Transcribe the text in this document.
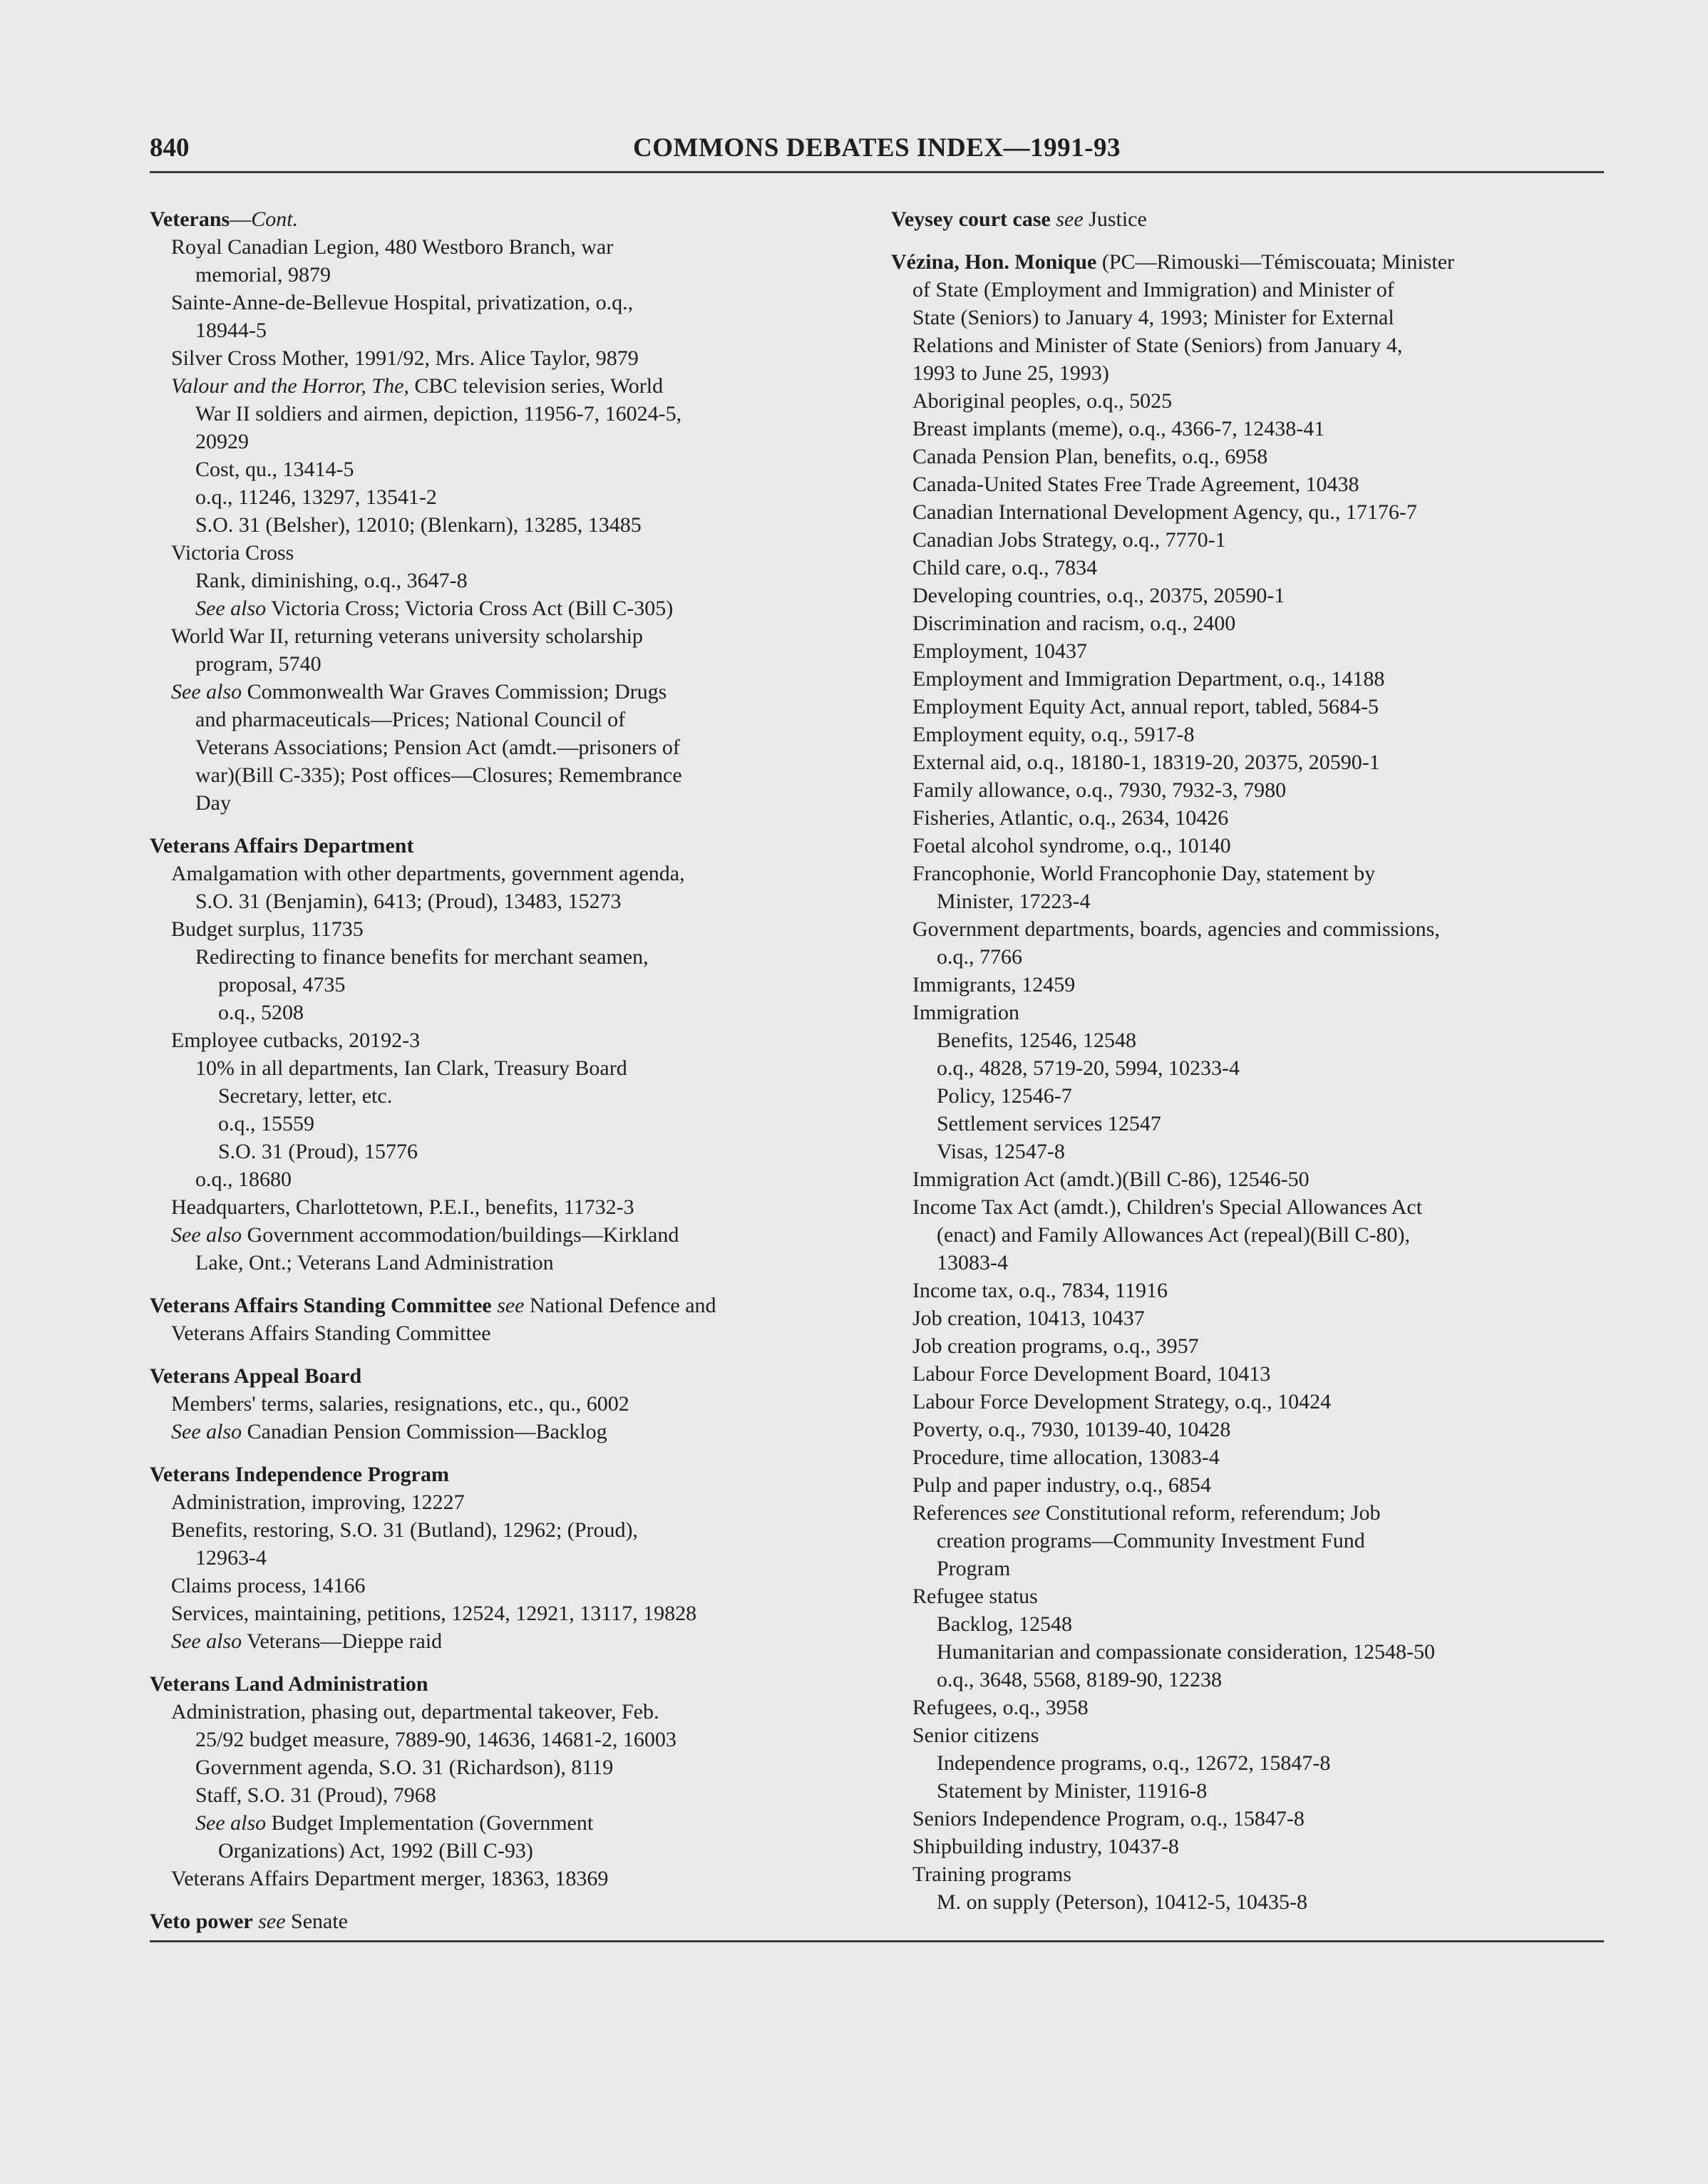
840	COMMONS DEBATES INDEX—1991-93
Veterans—Cont.
Royal Canadian Legion, 480 Westboro Branch, war
memorial, 9879
Sainte-Anne-de-Bellevue Hospital, privatization, o.q.,
18944-5
Silver Cross Mother, 1991/92, Mrs. Alice Taylor, 9879
Valour and the Horror, The, CBC television series, World
War II soldiers and airmen, depiction, 11956-7, 16024-5,
20929
Cost, qu., 13414-5
o.q., 11246, 13297, 13541-2
S.O. 31 (Belsher), 12010; (Blenkarn), 13285, 13485
Victoria Cross
Rank, diminishing, o.q., 3647-8
See also Victoria Cross; Victoria Cross Act (Bill C-305)
World War II, returning veterans university scholarship
program, 5740
See also Commonwealth War Graves Commission; Drugs
and pharmaceuticals—Prices; National Council of
Veterans Associations; Pension Act (amdt.—prisoners of
war)(Bill C-335); Post offices—Closures; Remembrance
Day
Veterans Affairs Department
Amalgamation with other departments, government agenda,
S.O. 31 (Benjamin), 6413; (Proud), 13483, 15273
Budget surplus, 11735
Redirecting to finance benefits for merchant seamen,
proposal, 4735
o.q., 5208
Employee cutbacks, 20192-3
10% in all departments, Ian Clark, Treasury Board
Secretary, letter, etc.
o.q., 15559
S.O. 31 (Proud), 15776
o.q., 18680
Headquarters, Charlottetown, P.E.I., benefits, 11732-3
See also Government accommodation/buildings—Kirkland
Lake, Ont.; Veterans Land Administration
Veterans Affairs Standing Committee see National Defence and
Veterans Affairs Standing Committee
Veterans Appeal Board
Members' terms, salaries, resignations, etc., qu., 6002
See also Canadian Pension Commission—Backlog
Veterans Independence Program
Administration, improving, 12227
Benefits, restoring, S.O. 31 (Butland), 12962; (Proud),
12963-4
Claims process, 14166
Services, maintaining, petitions, 12524, 12921, 13117, 19828
See also Veterans—Dieppe raid
Veterans Land Administration
Administration, phasing out, departmental takeover, Feb.
25/92 budget measure, 7889-90, 14636, 14681-2, 16003
Government agenda, S.O. 31 (Richardson), 8119
Staff, S.O. 31 (Proud), 7968
See also Budget Implementation (Government
Organizations) Act, 1992 (Bill C-93)
Veterans Affairs Department merger, 18363, 18369
Veto power see Senate
Veysey court case see Justice
Vézina, Hon. Monique (PC—Rimouski—Témiscouata; Minister
of State (Employment and Immigration) and Minister of
State (Seniors) to January 4, 1993; Minister for External
Relations and Minister of State (Seniors) from January 4,
1993 to June 25, 1993)
Aboriginal peoples, o.q., 5025
Breast implants (meme), o.q., 4366-7, 12438-41
Canada Pension Plan, benefits, o.q., 6958
Canada-United States Free Trade Agreement, 10438
Canadian International Development Agency, qu., 17176-7
Canadian Jobs Strategy, o.q., 7770-1
Child care, o.q., 7834
Developing countries, o.q., 20375, 20590-1
Discrimination and racism, o.q., 2400
Employment, 10437
Employment and Immigration Department, o.q., 14188
Employment Equity Act, annual report, tabled, 5684-5
Employment equity, o.q., 5917-8
External aid, o.q., 18180-1, 18319-20, 20375, 20590-1
Family allowance, o.q., 7930, 7932-3, 7980
Fisheries, Atlantic, o.q., 2634, 10426
Foetal alcohol syndrome, o.q., 10140
Francophonie, World Francophonie Day, statement by
Minister, 17223-4
Government departments, boards, agencies and commissions,
o.q., 7766
Immigrants, 12459
Immigration
Benefits, 12546, 12548
o.q., 4828, 5719-20, 5994, 10233-4
Policy, 12546-7
Settlement services 12547
Visas, 12547-8
Immigration Act (amdt.)(Bill C-86), 12546-50
Income Tax Act (amdt.), Children's Special Allowances Act
(enact) and Family Allowances Act (repeal)(Bill C-80),
13083-4
Income tax, o.q., 7834, 11916
Job creation, 10413, 10437
Job creation programs, o.q., 3957
Labour Force Development Board, 10413
Labour Force Development Strategy, o.q., 10424
Poverty, o.q., 7930, 10139-40, 10428
Procedure, time allocation, 13083-4
Pulp and paper industry, o.q., 6854
References see Constitutional reform, referendum; Job
creation programs—Community Investment Fund
Program
Refugee status
Backlog, 12548
Humanitarian and compassionate consideration, 12548-50
o.q., 3648, 5568, 8189-90, 12238
Refugees, o.q., 3958
Senior citizens
Independence programs, o.q., 12672, 15847-8
Statement by Minister, 11916-8
Seniors Independence Program, o.q., 15847-8
Shipbuilding industry, 10437-8
Training programs
M. on supply (Peterson), 10412-5, 10435-8
